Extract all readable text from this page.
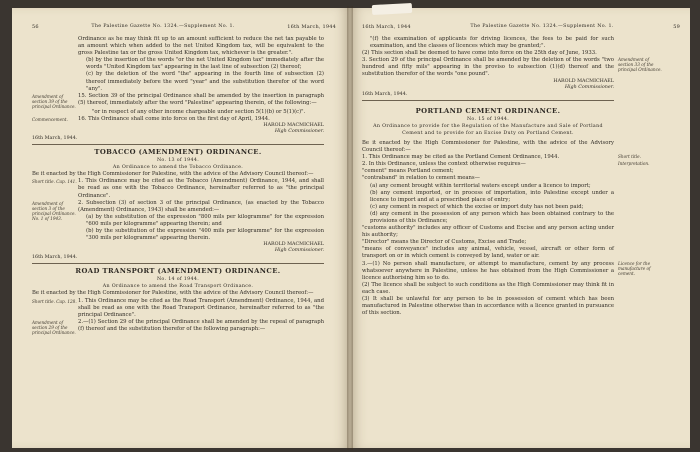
56	The Palestine Gazette No. 1324.—Supplement No. 1.	16th March, 1944
Ordinance as he may think fit up to an amount sufficient to reduce the net tax payable to an amount which when added to the net United Kingdom tax, will be equivalent to the gross Palestine tax or the gross United Kingdom tax, whichever is the greater.".
(b) by the insertion of the words "or the net United Kingdom tax" immediately after the words "United Kingdom tax" appearing in the last line of subsection (2) thereof;
(c) by the deletion of the word "the" appearing in the fourth line of subsection (2) thereof immediately before the word "year" and the substitution therefor of the word "any".
Amendment of section 39 of the principal Ordinance.
15. Section 39 of the principal Ordinance shall be amended by the insertion in paragraph (5) thereof, immediately after the word "Palestine" appearing therein, of the following:—
"or in respect of any other income chargeable under section 5(1)(b) or 5(1)(c)".
Commencement.	16. This Ordinance shall come into force on the first day of April, 1944.
HAROLD MACMICHAEL
High Commissioner.
16th March, 1944.
TOBACCO (AMENDMENT) ORDINANCE.
No. 13 of 1944.
An Ordinance to amend the Tobacco Ordinance.
Be it enacted by the High Commissioner for Palestine, with the advice of the Advisory Council thereof:—
Short title. Cap. 141. 1. This Ordinance may be cited as the Tobacco (Amendment) Ordinance, 1944, and shall be read as one with the Tobacco Ordinance, hereinafter referred to as "the principal Ordinance".
Amendment of section 3 of the principal Ordinance. No. 1 of 1943.
2. Subsection (3) of section 3 of the principal Ordinance, (as enacted by the Tobacco (Amendment) Ordinance, 1943) shall be amended:—
(a) by the substitution of the expression "800 mils per kilogramme" for the expression "600 mils per kilogramme" appearing therein; and
(b) by the substitution of the expression "400 mils per kilogramme" for the expression "300 mils per kilogramme" appearing therein.
HAROLD MACMICHAEL
High Commissioner.
16th March, 1944.
ROAD TRANSPORT (AMENDMENT) ORDINANCE.
No. 14 of 1944.
An Ordinance to amend the Road Transport Ordinance.
Be it enacted by the High Commissioner for Palestine, with the advice of the Advisory Council thereof:—
Short title. Cap. 128. 1. This Ordinance may be cited as the Road Transport (Amendment) Ordinance, 1944, and shall be read as one with the Road Transport Ordinance, hereinafter referred to as "the principal Ordinance".
Amendment of section 29 of the principal Ordinance.
2.—(1) Section 29 of the principal Ordinance shall be amended by the repeal of paragraph (f) thereof and the substitution therefor of the following paragraph:—
16th March, 1944	The Palestine Gazette No. 1324.—Supplement No. 1.	59
"(f) the examination of applicants for driving licences, the fees to be paid for such examination, and the classes of licences which may be granted;".
(2) This section shall be deemed to have come into force on the 25th day of June, 1933.
3. Section 29 of the principal Ordinance shall be amended by the deletion of the words "two hundred and fifty mils" appearing in the proviso to subsection (1)(d) thereof and the substitution therefor of the words "one pound".
Amendment of section 33 of the principal Ordinance.
HAROLD MACMICHAEL
High Commissioner.
16th March, 1944.
PORTLAND CEMENT ORDINANCE.
No. 15 of 1944.
An Ordinance to provide for the Regulation of the Manufacture and Sale of Portland Cement and to provide for an Excise Duty on Portland Cement.
Be it enacted by the High Commissioner for Palestine, with the advice of the Advisory Council thereof:—
1. This Ordinance may be cited as the Portland Cement Ordinance, 1944.	Short title.
2. In this Ordinance, unless the context otherwise requires—	Interpretation.
"cement" means Portland cement;
"contraband" in relation to cement means—
(a) any cement brought within territorial waters except under a licence to import;
(b) any cement imported, or in process of importation, into Palestine except under a licence to import and at a prescribed place of entry;
(c) any cement in respect of which the excise or import duty has not been paid;
(d) any cement in the possession of any person which has been obtained contrary to the provisions of this Ordinance;
"customs authority" includes any officer of Customs and Excise and any person acting under his authority;
"Director" means the Director of Customs, Excise and Trade;
"means of conveyance" includes any animal, vehicle, vessel, aircraft or other form of transport on or in which cement is conveyed by land, water or air.
3.—(1) No person shall manufacture, or attempt to manufacture, cement by any process whatsoever anywhere in Palestine, unless he has obtained from the High Commissioner a licence authorising him so to do.
Licence for the manufacture of cement.
(2) The licence shall be subject to such conditions as the High Commissioner may think fit in each case.
(3) It shall be unlawful for any person to be in possession of cement which has been manufactured in Palestine otherwise than in accordance with a licence granted in pursuance of this section.
